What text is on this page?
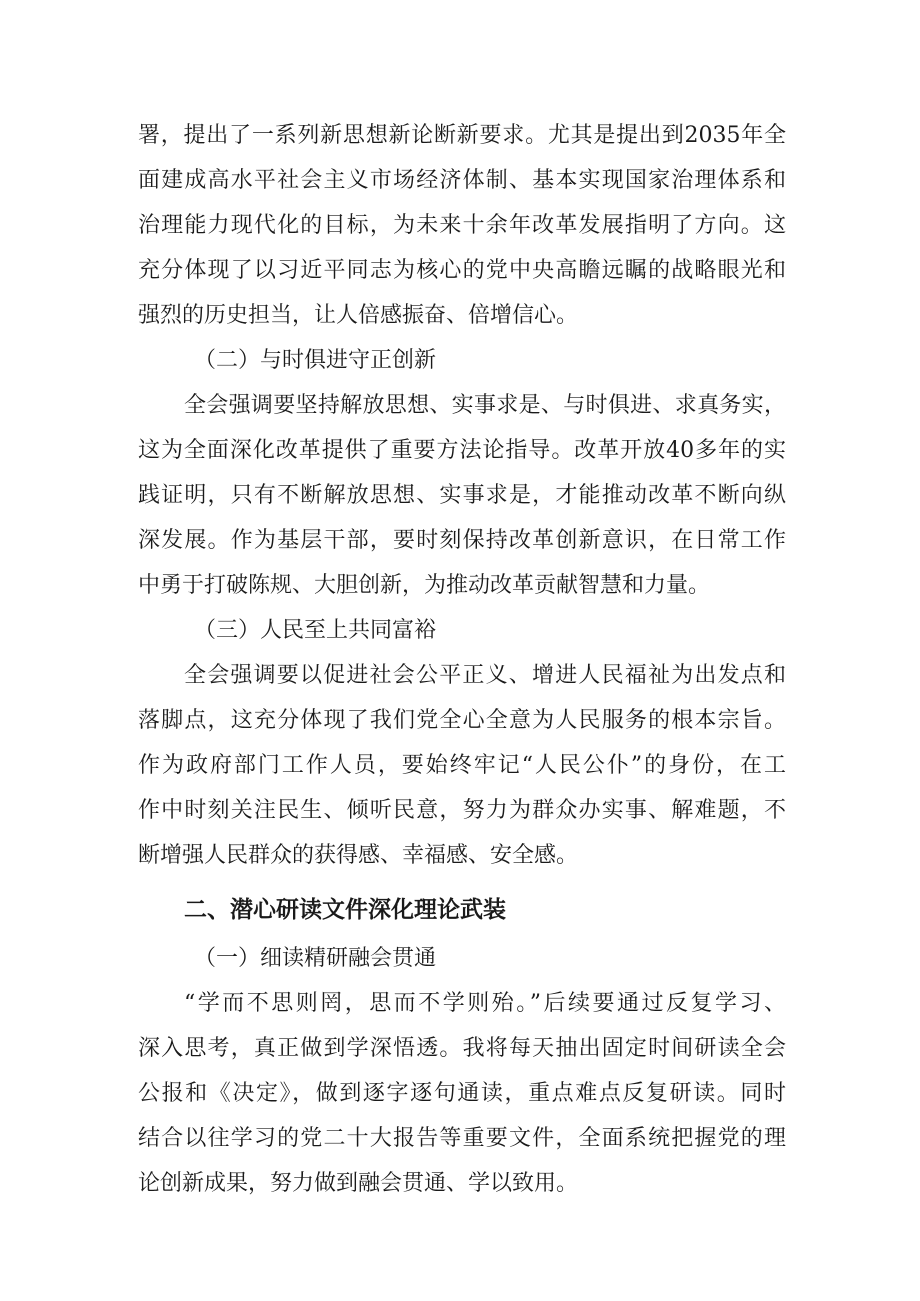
署，提出了一系列新思想新论断新要求。尤其是提出到2035年全
面建成高水平社会主义市场经济体制、基本实现国家治理体系和
治理能力现代化的目标，为未来十余年改革发展指明了方向。这
充分体现了以习近平同志为核心的党中央高瞻远瞩的战略眼光和
强烈的历史担当，让人倍感振奋、倍增信心。
（二）与时俱进守正创新
全会强调要坚持解放思想、实事求是、与时俱进、求真务实，
这为全面深化改革提供了重要方法论指导。改革开放40多年的实
践证明，只有不断解放思想、实事求是，才能推动改革不断向纵
深发展。作为基层干部，要时刻保持改革创新意识，在日常工作
中勇于打破陈规、大胆创新，为推动改革贡献智慧和力量。
（三）人民至上共同富裕
全会强调要以促进社会公平正义、增进人民福祉为出发点和
落脚点，这充分体现了我们党全心全意为人民服务的根本宗旨。
作为政府部门工作人员，要始终牢记“人民公仆”的身份，在工
作中时刻关注民生、倾听民意，努力为群众办实事、解难题，不
断增强人民群众的获得感、幸福感、安全感。
二、潜心研读文件深化理论武装
（一）细读精研融会贯通
“学而不思则罔，思而不学则殆。”后续要通过反复学习、
深入思考，真正做到学深悟透。我将每天抽出固定时间研读全会
公报和《决定》，做到逐字逐句通读，重点难点反复研读。同时
结合以往学习的党二十大报告等重要文件，全面系统把握党的理
论创新成果，努力做到融会贯通、学以致用。
